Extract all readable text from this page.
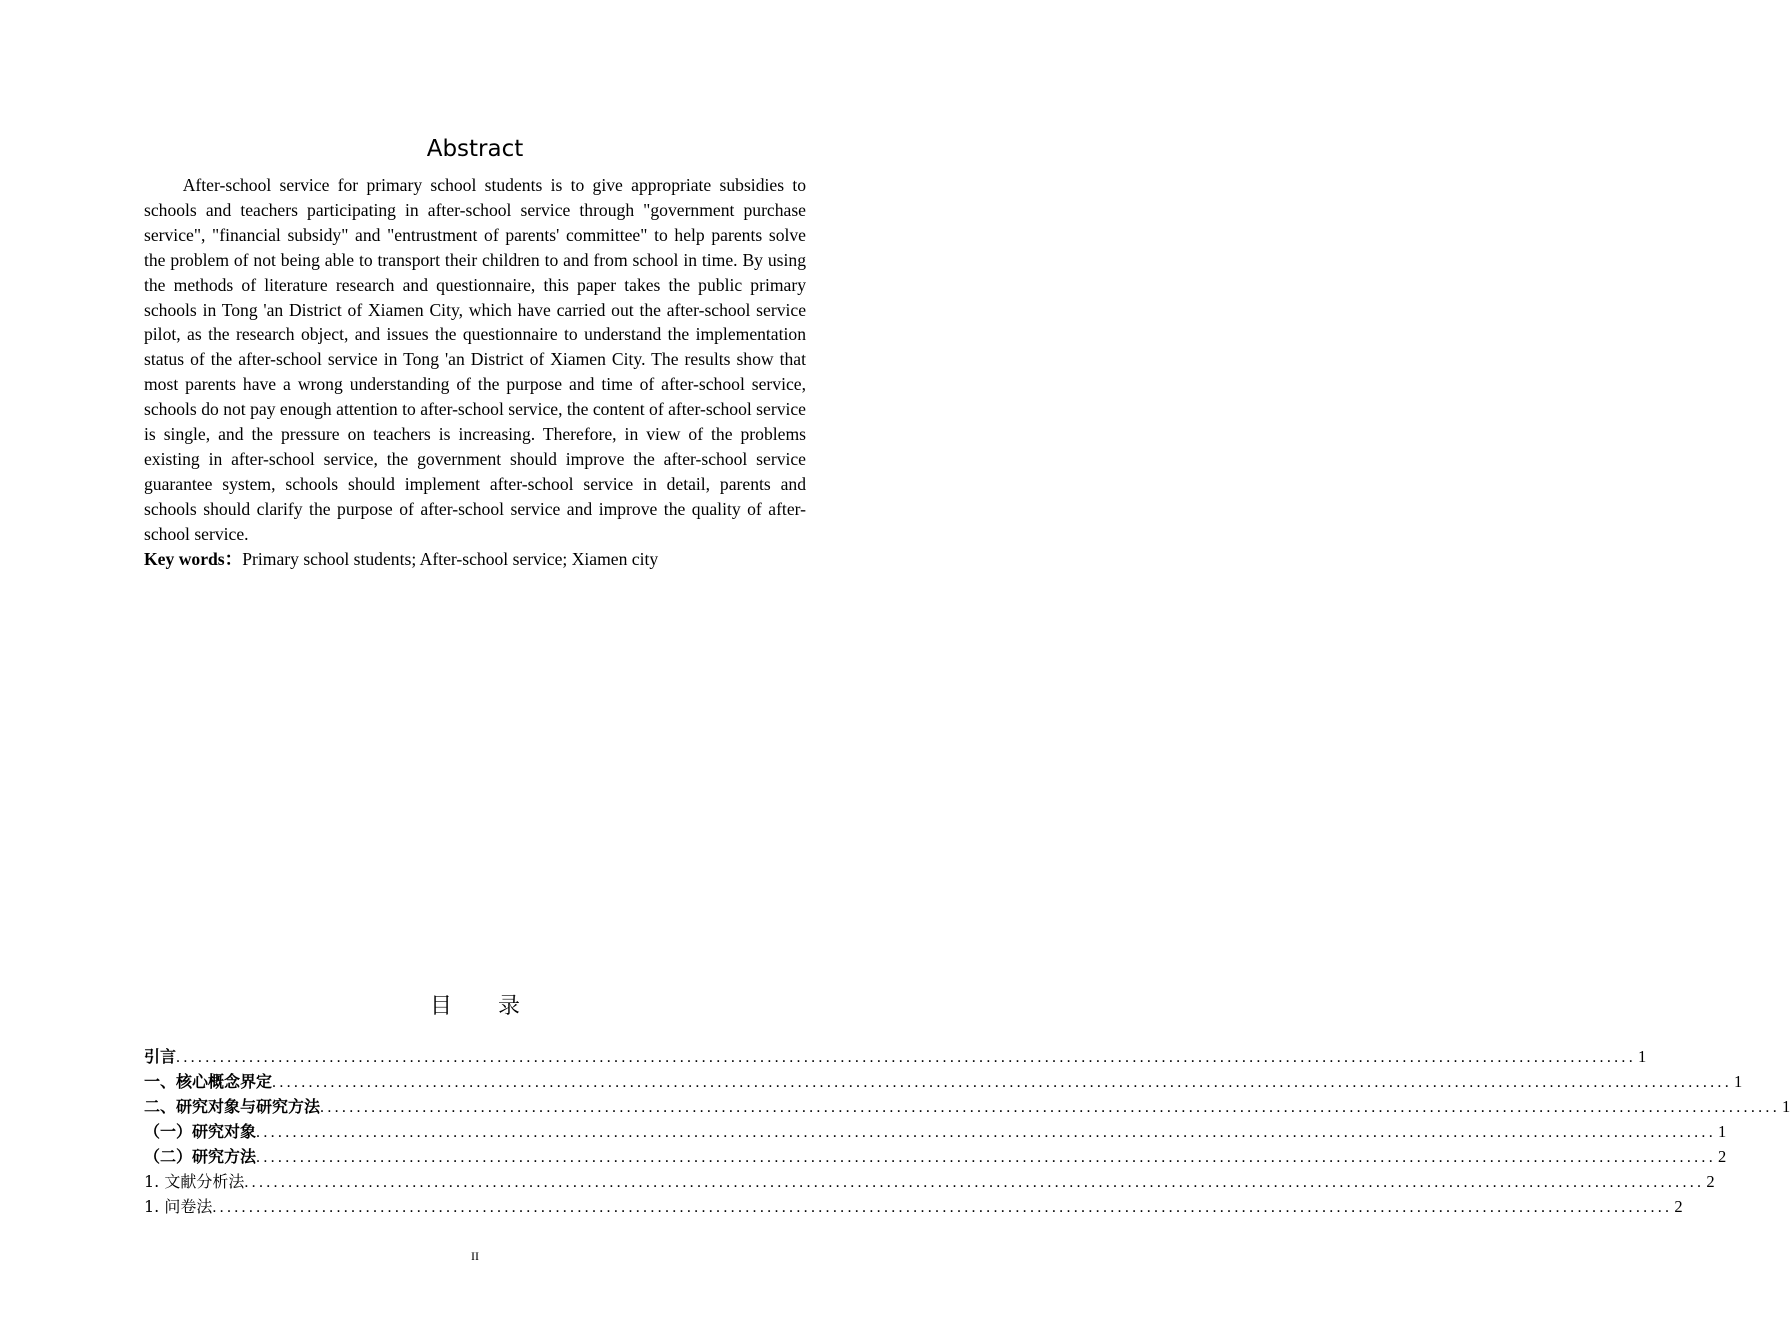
Abstract

After-school service for primary school students is to give appropriate subsidies to schools and teachers participating in after-school service through "government purchase service", "financial subsidy" and "entrustment of parents' committee" to help parents solve the problem of not being able to transport their children to and from school in time. By using the methods of literature research and questionnaire, this paper takes the public primary schools in Tong 'an District of Xiamen City, which have carried out the after-school service pilot, as the research object, and issues the questionnaire to understand the implementation status of the after-school service in Tong 'an District of Xiamen City. The results show that most parents have a wrong understanding of the purpose and time of after-school service, schools do not pay enough attention to after-school service, the content of after-school service is single, and the pressure on teachers is increasing. Therefore, in view of the problems existing in after-school service, the government should improve the after-school service guarantee system, schools should implement after-school service in detail, parents and schools should clarify the purpose of after-school service and improve the quality of after-school service.

Key words：Primary school students; After-school service; Xiamen city

目 录
引言 ........................................................................................................................................................................................................ 1
一、核心概念界定 ........................................................................................................................................................................................................ 1
二、研究对象与研究方法 ........................................................................................................................................................................................................ 1
（一）研究对象 ........................................................................................................................................................................................................ 1
（二）研究方法 ........................................................................................................................................................................................................ 2
1. 文献分析法 ........................................................................................................................................................................................................ 2
1. 问卷法 ........................................................................................................................................................................................................ 2
II
